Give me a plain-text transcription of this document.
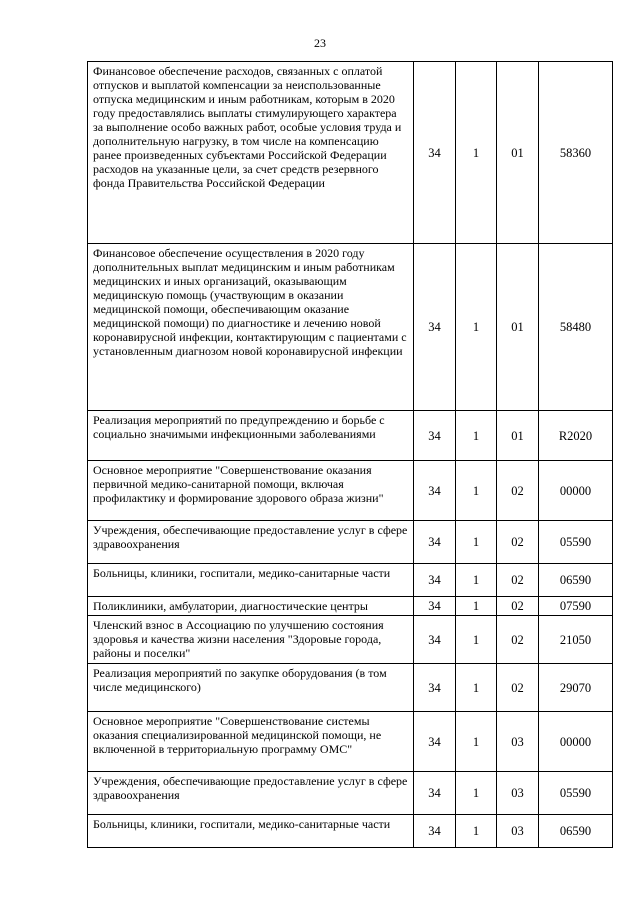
23
Финансовое обеспечение расходов, связанных с оплатой отпусков и выплатой компенсации за неиспользованные отпуска медицинским и иным работникам, которым в 2020 году предоставлялись выплаты стимулирующего характера за выполнение особо важных работ, особые условия труда и дополнительную нагрузку, в том числе на компенсацию ранее произведенных субъектами Российской Федерации расходов на указанные цели, за счет средств резервного фонда Правительства Российской Федерации	34	1	01	58360
Финансовое обеспечение осуществления в 2020 году дополнительных выплат медицинским и иным работникам медицинских и иных организаций, оказывающим медицинскую помощь (участвующим в оказании медицинской помощи, обеспечивающим оказание медицинской помощи) по диагностике и лечению новой коронавирусной инфекции, контактирующим с пациентами с установленным диагнозом новой коронавирусной инфекции	34	1	01	58480
Реализация мероприятий по предупреждению и борьбе с социально значимыми инфекционными заболеваниями	34	1	01	R2020
Основное мероприятие "Совершенствование оказания первичной медико-санитарной помощи, включая профилактику и формирование здорового образа жизни"	34	1	02	00000
Учреждения, обеспечивающие предоставление услуг в сфере здравоохранения	34	1	02	05590
Больницы, клиники, госпитали, медико-санитарные части	34	1	02	06590
Поликлиники, амбулатории, диагностические центры	34	1	02	07590
Членский взнос в Ассоциацию по улучшению состояния здоровья и качества жизни населения "Здоровые города, районы и поселки"	34	1	02	21050
Реализация мероприятий по закупке оборудования (в том числе медицинского)	34	1	02	29070
Основное мероприятие "Совершенствование системы оказания специализированной медицинской помощи, не включенной в территориальную программу ОМС"	34	1	03	00000
Учреждения, обеспечивающие предоставление услуг в сфере здравоохранения	34	1	03	05590
Больницы, клиники, госпитали, медико-санитарные части	34	1	03	06590
